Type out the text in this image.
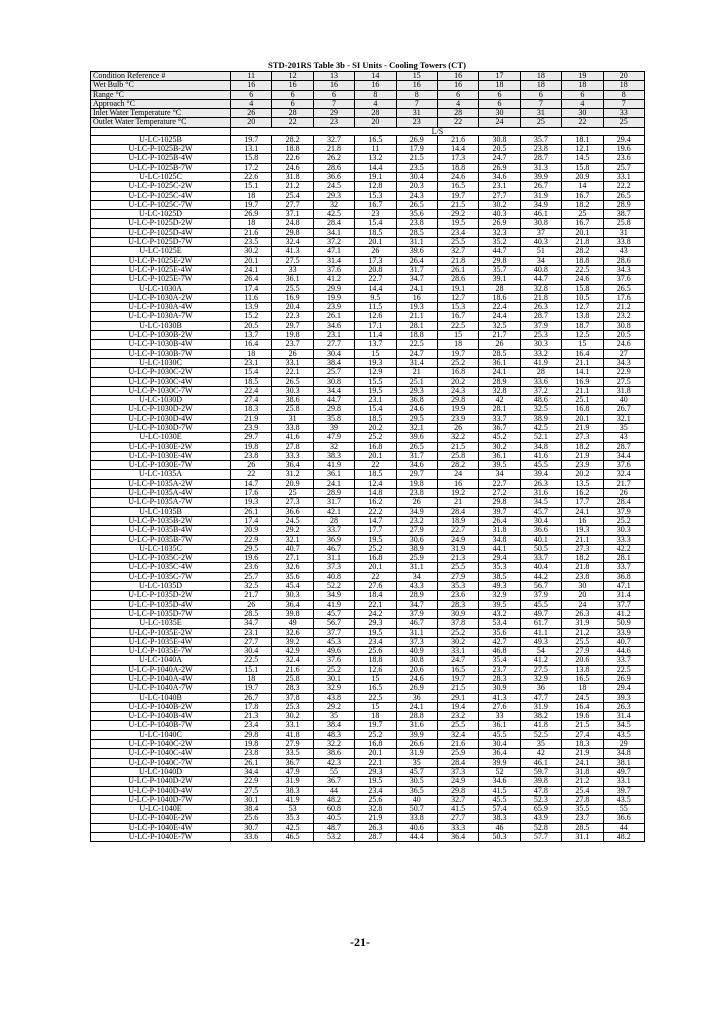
STD-201RS Table 3b - SI Units - Cooling Towers (CT)
Condition Reference #	11	12	13	14	15	16	17	18	19	20
Wet Bulb °C	16	16	16	16	16	16	18	18	18	18
Range °C	6	6	6	8	8	6	6	6	6	8
Approach °C	4	6	7	4	7	4	6	7	4	7
Inlet Water Temperature °C	26	28	29	28	31	28	30	31	30	33
Outlet Water Temperature °C	20	22	23	20	23	22	24	25	22	25
	L/S									
U-LC-1025B	19.7	28.2	32.7	16.5	26.9	21.6	30.8	35.7	18.1	29.4
U-LC-P-1025B-2W	13.1	18.8	21.8	11	17.9	14.4	20.5	23.8	12.1	19.6
U-LC-P-1025B-4W	15.8	22.6	26.2	13.2	21.5	17.3	24.7	28.7	14.5	23.6
U-LC-P-1025B-7W	17.2	24.6	28.6	14.4	23.5	18.8	26.9	31.3	15.8	25.7
U-LC-1025C	22.6	31.8	36.6	19.1	30.4	24.6	34.6	39.9	20.9	33.1
U-LC-P-1025C-2W	15.1	21.2	24.5	12.8	20.3	16.5	23.1	26.7	14	22.2
U-LC-P-1025C-4W	18	25.4	29.3	15.3	24.3	19.7	27.7	31.9	16.7	26.5
U-LC-P-1025C-7W	19.7	27.7	32	16.7	26.5	21.5	30.2	34.9	18.2	28.9
U-LC-1025D	26.9	37.1	42.5	23	35.6	29.2	40.3	46.1	25	38.7
U-LC-P-1025D-2W	18	24.8	28.4	15.4	23.8	19.5	26.9	30.8	16.7	25.8
U-LC-P-1025D-4W	21.6	29.8	34.1	18.5	28.5	23.4	32.3	37	20.1	31
U-LC-P-1025D-7W	23.5	32.4	37.2	20.1	31.1	25.5	35.2	40.3	21.8	33.8
U-LC-1025E	30.2	41.3	47.1	26	39.6	32.7	44.7	51	28.2	43
U-LC-P-1025E-2W	20.1	27.5	31.4	17.3	26.4	21.8	29.8	34	18.8	28.6
U-LC-P-1025E-4W	24.1	33	37.6	20.8	31.7	26.1	35.7	40.8	22.5	34.3
U-LC-P-1025E-7W	26.4	36.1	41.2	22.7	34.7	28.6	39.1	44.7	24.6	37.6
U-LC-1030A	17.4	25.5	29.9	14.4	24.1	19.1	28	32.8	15.8	26.5
U-LC-P-1030A-2W	11.6	16.9	19.9	9.5	16	12.7	18.6	21.8	10.5	17.6
U-LC-P-1030A-4W	13.9	20.4	23.9	11.5	19.3	15.3	22.4	26.3	12.7	21.2
U-LC-P-1030A-7W	15.2	22.3	26.1	12.6	21.1	16.7	24.4	28.7	13.8	23.2
U-LC-1030B	20.5	29.7	34.6	17.1	28.1	22.5	32.5	37.9	18.7	30.8
U-LC-P-1030B-2W	13.7	19.8	23.1	11.4	18.8	15	21.7	25.3	12.5	20.5
U-LC-P-1030B-4W	16.4	23.7	27.7	13.7	22.5	18	26	30.3	15	24.6
U-LC-P-1030B-7W	18	26	30.4	15	24.7	19.7	28.5	33.2	16.4	27
U-LC-1030C	23.1	33.1	38.4	19.3	31.4	25.2	36.1	41.9	21.1	34.3
U-LC-P-1030C-2W	15.4	22.1	25.7	12.9	21	16.8	24.1	28	14.1	22.9
U-LC-P-1030C-4W	18.5	26.5	30.8	15.5	25.1	20.2	28.9	33.6	16.9	27.5
U-LC-P-1030C-7W	22.4	30.3	34.4	19.5	29.3	24.3	32.8	37.2	21.1	31.8
U-LC-1030D	27.4	38.6	44.7	23.1	36.8	29.8	42	48.6	25.1	40
U-LC-P-1030D-2W	18.3	25.8	29.8	15.4	24.6	19.9	28.1	32.5	16.8	26.7
U-LC-P-1030D-4W	21.9	31	35.8	18.5	29.5	23.9	33.7	38.9	20.1	32.1
U-LC-P-1030D-7W	23.9	33.8	39	20.2	32.1	26	36.7	42.5	21.9	35
U-LC-1030E	29.7	41.6	47.9	25.2	39.6	32.2	45.2	52.1	27.3	43
U-LC-P-1030E-2W	19.8	27.8	32	16.8	26.5	21.5	30.2	34.8	18.2	28.7
U-LC-P-1030E-4W	23.8	33.3	38.3	20.1	31.7	25.8	36.1	41.6	21.9	34.4
U-LC-P-1030E-7W	26	36.4	41.9	22	34.6	28.2	39.5	45.5	23.9	37.6
U-LC-1035A	22	31.2	36.1	18.5	29.7	24	34	39.4	20.2	32.4
U-LC-P-1035A-2W	14.7	20.9	24.1	12.4	19.8	16	22.7	26.3	13.5	21.7
U-LC-P-1035A-4W	17.6	25	28.9	14.8	23.8	19.2	27.2	31.6	16.2	26
U-LC-P-1035A-7W	19.3	27.3	31.7	16.2	26	21	29.8	34.5	17.7	28.4
U-LC-1035B	26.1	36.6	42.1	22.2	34.9	28.4	39.7	45.7	24.1	37.9
U-LC-P-1035B-2W	17.4	24.5	28	14.7	23.2	18.9	26.4	30.4	16	25.2
U-LC-P-1035B-4W	20.9	29.2	33.7	17.7	27.9	22.7	31.8	36.6	19.3	30.3
U-LC-P-1035B-7W	22.9	32.1	36.9	19.5	30.6	24.9	34.8	40.1	21.1	33.3
U-LC-1035C	29.5	40.7	46.7	25.2	38.9	31.9	44.1	50.5	27.3	42.2
U-LC-P-1035C-2W	19.6	27.1	31.1	16.8	25.9	21.3	29.4	33.7	18.2	28.1
U-LC-P-1035C-4W	23.6	32.6	37.3	20.1	31.1	25.5	35.3	40.4	21.8	33.7
U-LC-P-1035C-7W	25.7	35.6	40.8	22	34	27.9	38.5	44.2	23.8	36.8
U-LC-1035D	32.5	45.4	52.2	27.6	43.3	35.3	49.3	56.7	30	47.1
U-LC-P-1035D-2W	21.7	30.3	34.9	18.4	28.9	23.6	32.9	37.9	20	31.4
U-LC-P-1035D-4W	26	36.4	41.9	22.1	34.7	28.3	39.5	45.5	24	37.7
U-LC-P-1035D-7W	28.5	39.8	45.7	24.2	37.9	30.9	43.2	49.7	26.3	41.2
U-LC-1035E	34.7	49	56.7	29.3	46.7	37.8	53.4	61.7	31.9	50.9
U-LC-P-1035E-2W	23.1	32.6	37.7	19.5	31.1	25.2	35.6	41.1	21.2	33.9
U-LC-P-1035E-4W	27.7	39.2	45.3	23.4	37.3	30.2	42.7	49.3	25.5	40.7
U-LC-P-1035E-7W	30.4	42.9	49.6	25.6	40.9	33.1	46.8	54	27.9	44.6
U-LC-1040A	22.5	32.4	37.6	18.8	30.8	24.7	35.4	41.2	20.6	33.7
U-LC-P-1040A-2W	15.1	21.6	25.2	12.6	20.6	16.5	23.7	27.5	13.8	22.5
U-LC-P-1040A-4W	18	25.8	30.1	15	24.6	19.7	28.3	32.9	16.5	26.9
U-LC-P-1040A-7W	19.7	28.3	32.9	16.5	26.9	21.5	30.9	36	18	29.4
U-LC-1040B	26.7	37.8	43.8	22.5	36	29.1	41.3	47.7	24.5	39.3
U-LC-P-1040B-2W	17.8	25.3	29.2	15	24.1	19.4	27.6	31.9	16.4	26.3
U-LC-P-1040B-4W	21.3	30.2	35	18	28.8	23.2	33	38.2	19.6	31.4
U-LC-P-1040B-7W	23.4	33.1	38.4	19.7	31.6	25.5	36.1	41.8	21.5	34.5
U-LC-1040C	29.8	41.8	48.3	25.2	39.9	32.4	45.5	52.5	27.4	43.5
U-LC-P-1040C-2W	19.8	27.9	32.2	16.8	26.6	21.6	30.4	35	18.3	29
U-LC-P-1040C-4W	23.8	33.5	38.6	20.1	31.9	25.9	36.4	42	21.9	34.8
U-LC-P-1040C-7W	26.1	36.7	42.3	22.1	35	28.4	39.9	46.1	24.1	38.1
U-LC-1040D	34.4	47.9	55	29.3	45.7	37.3	52	59.7	31.8	49.7
U-LC-P-1040D-2W	22.9	31.9	36.7	19.5	30.5	24.9	34.6	39.8	21.2	33.1
U-LC-P-1040D-4W	27.5	38.3	44	23.4	36.5	29.8	41.5	47.8	25.4	39.7
U-LC-P-1040D-7W	30.1	41.9	48.2	25.6	40	32.7	45.5	52.3	27.8	43.5
U-LC-1040E	38.4	53	60.8	32.8	50.7	41.5	57.4	65.9	35.5	55
U-LC-P-1040E-2W	25.6	35.3	40.5	21.9	33.8	27.7	38.3	43.9	23.7	36.6
U-LC-P-1040E-4W	30.7	42.5	48.7	26.3	40.6	33.3	46	52.8	28.5	44
U-LC-P-1040E-7W	33.6	46.5	53.2	28.7	44.4	36.4	50.3	57.7	31.1	48.2
-21-
